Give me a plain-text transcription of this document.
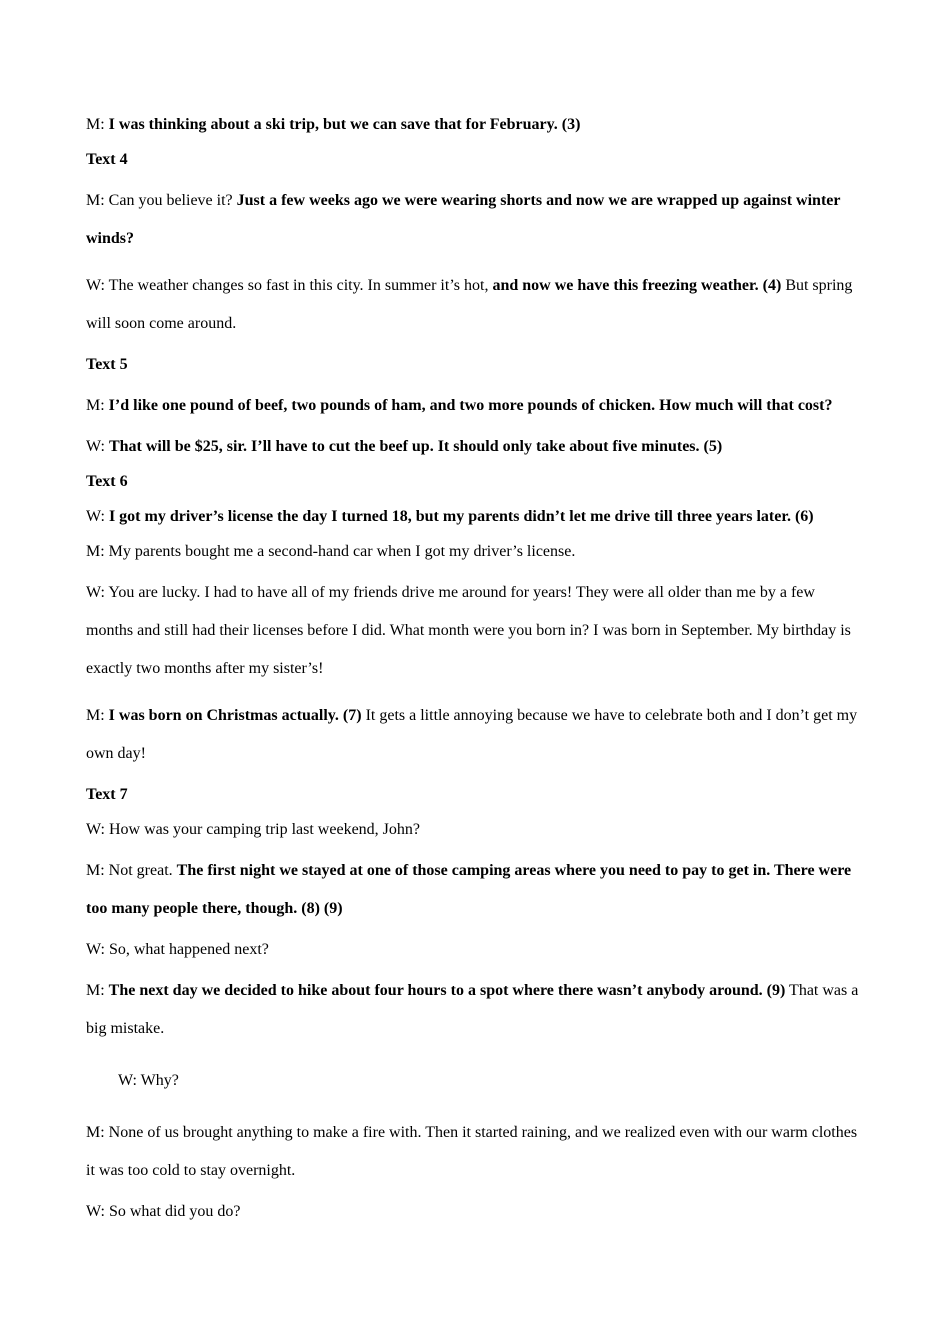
M: I was thinking about a ski trip, but we can save that for February. (3)

Text 4

M: Can you believe it? Just a few weeks ago we were wearing shorts and now we are wrapped up against winter winds?

W: The weather changes so fast in this city. In summer it’s hot, and now we have this freezing weather. (4) But spring will soon come around.

Text 5

M: I’d like one pound of beef, two pounds of ham, and two more pounds of chicken. How much will that cost?

W: That will be $25, sir. I’ll have to cut the beef up. It should only take about five minutes. (5)

Text 6

W: I got my driver’s license the day I turned 18, but my parents didn’t let me drive till three years later. (6)

M: My parents bought me a second-hand car when I got my driver’s license.

W: You are lucky. I had to have all of my friends drive me around for years! They were all older than me by a few months and still had their licenses before I did. What month were you born in? I was born in September. My birthday is exactly two months after my sister’s!

M: I was born on Christmas actually. (7) It gets a little annoying because we have to celebrate both and I don’t get my own day!

Text 7

W: How was your camping trip last weekend, John?

M: Not great. The first night we stayed at one of those camping areas where you need to pay to get in. There were too many people there, though. (8) (9)

W: So, what happened next?

M: The next day we decided to hike about four hours to a spot where there wasn’t anybody around. (9) That was a big mistake.

W: Why?

M: None of us brought anything to make a fire with. Then it started raining, and we realized even with our warm clothes it was too cold to stay overnight.

W: So what did you do?
